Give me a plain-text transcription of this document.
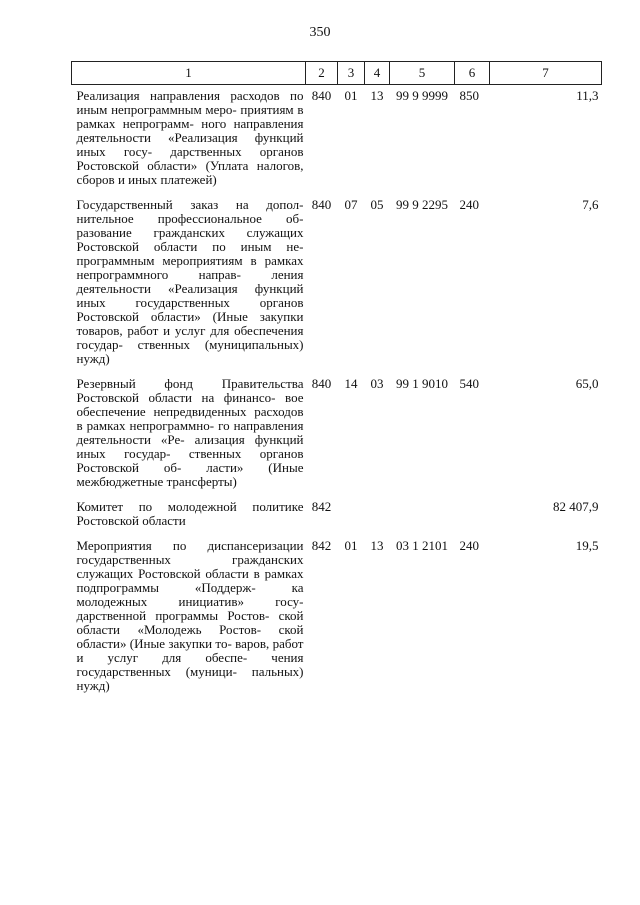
350
1	2	3	4	5	6	7
Реализация направления расходов по иным непрограммным меро- приятиям в рамках непрограмм- ного направления деятельности «Реализация функций иных госу- дарственных органов Ростовской области» (Уплата налогов, сборов и иных платежей)	840	01	13	99 9 9999	850	11,3
Государственный заказ на допол- нительное профессиональное об- разование гражданских служащих Ростовской области по иным не- программным мероприятиям в рамках непрограммного направ- ления деятельности «Реализация функций иных государственных органов Ростовской области» (Иные закупки товаров, работ и услуг для обеспечения государ- ственных (муниципальных) нужд)	840	07	05	99 9 2295	240	7,6
Резервный фонд Правительства Ростовской области на финансо- вое обеспечение непредвиденных расходов в рамках непрограммно- го направления деятельности «Ре- ализация функций иных государ- ственных органов Ростовской об- ласти» (Иные межбюджетные трансферты)	840	14	03	99 1 9010	540	65,0
Комитет по молодежной политике Ростовской области	842					82 407,9
Мероприятия по диспансеризации государственных гражданских служащих Ростовской области в рамках подпрограммы «Поддерж- ка молодежных инициатив» госу- дарственной программы Ростов- ской области «Молодежь Ростов- ской области» (Иные закупки то- варов, работ и услуг для обеспе- чения государственных (муници- пальных) нужд)	842	01	13	03 1 2101	240	19,5
